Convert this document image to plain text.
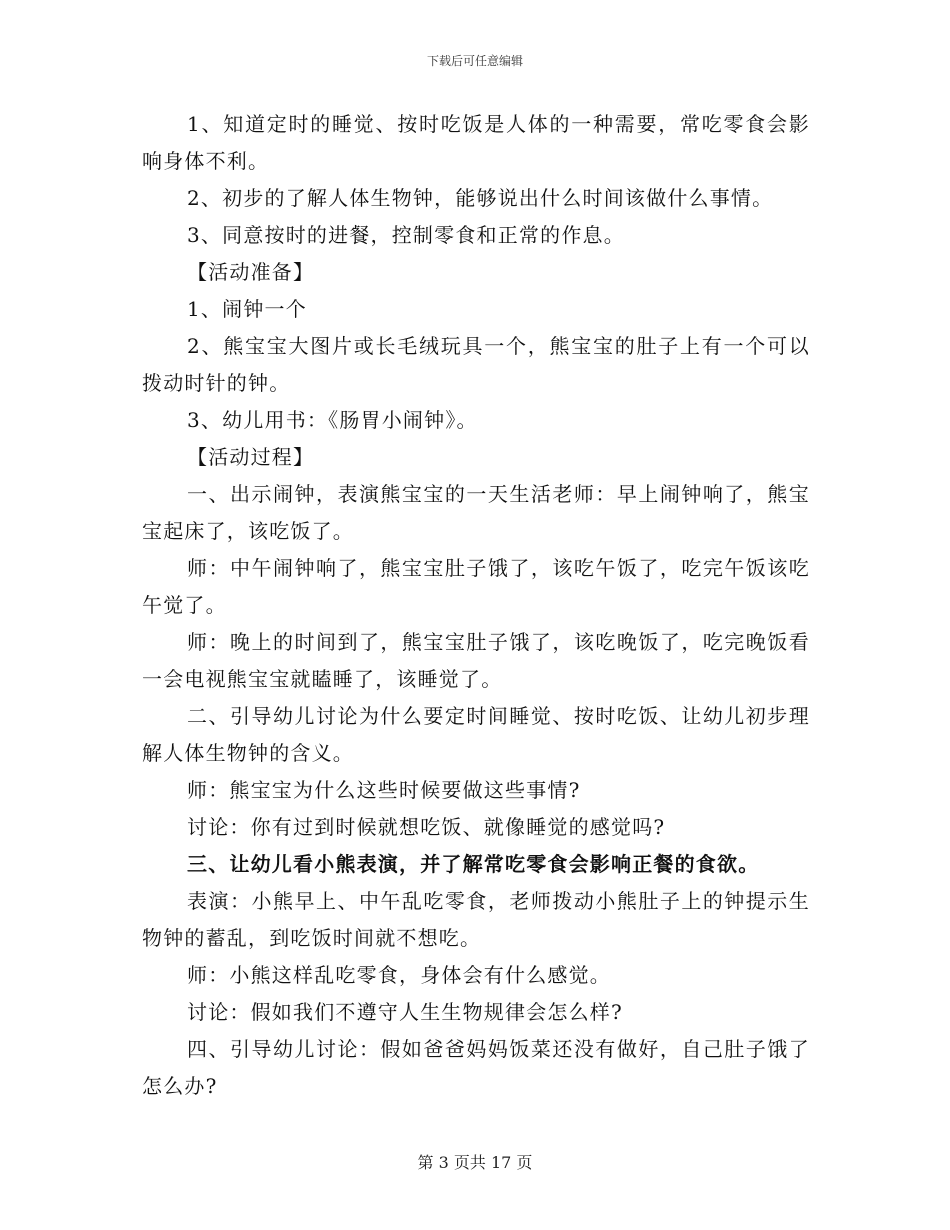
下载后可任意编辑

1、知道定时的睡觉、按时吃饭是人体的一种需要，常吃零食会影响身体不利。

2、初步的了解人体生物钟，能够说出什么时间该做什么事情。

3、同意按时的进餐，控制零食和正常的作息。

【活动准备】

1、闹钟一个

2、熊宝宝大图片或长毛绒玩具一个，熊宝宝的肚子上有一个可以拨动时针的钟。

3、幼儿用书：《肠胃小闹钟》。

【活动过程】

一、出示闹钟，表演熊宝宝的一天生活老师：早上闹钟响了，熊宝宝起床了，该吃饭了。

师：中午闹钟响了，熊宝宝肚子饿了，该吃午饭了，吃完午饭该吃午觉了。

师：晚上的时间到了，熊宝宝肚子饿了，该吃晚饭了，吃完晚饭看一会电视熊宝宝就瞌睡了，该睡觉了。

二、引导幼儿讨论为什么要定时间睡觉、按时吃饭、让幼儿初步理解人体生物钟的含义。

师：熊宝宝为什么这些时候要做这些事情?

讨论：你有过到时候就想吃饭、就像睡觉的感觉吗?

三、让幼儿看小熊表演，并了解常吃零食会影响正餐的食欲。

表演：小熊早上、中午乱吃零食，老师拨动小熊肚子上的钟提示生物钟的蓄乱，到吃饭时间就不想吃。

师：小熊这样乱吃零食，身体会有什么感觉。

讨论：假如我们不遵守人生生物规律会怎么样?

四、引导幼儿讨论：假如爸爸妈妈饭菜还没有做好，自己肚子饿了怎么办?

第 3 页共 17 页
